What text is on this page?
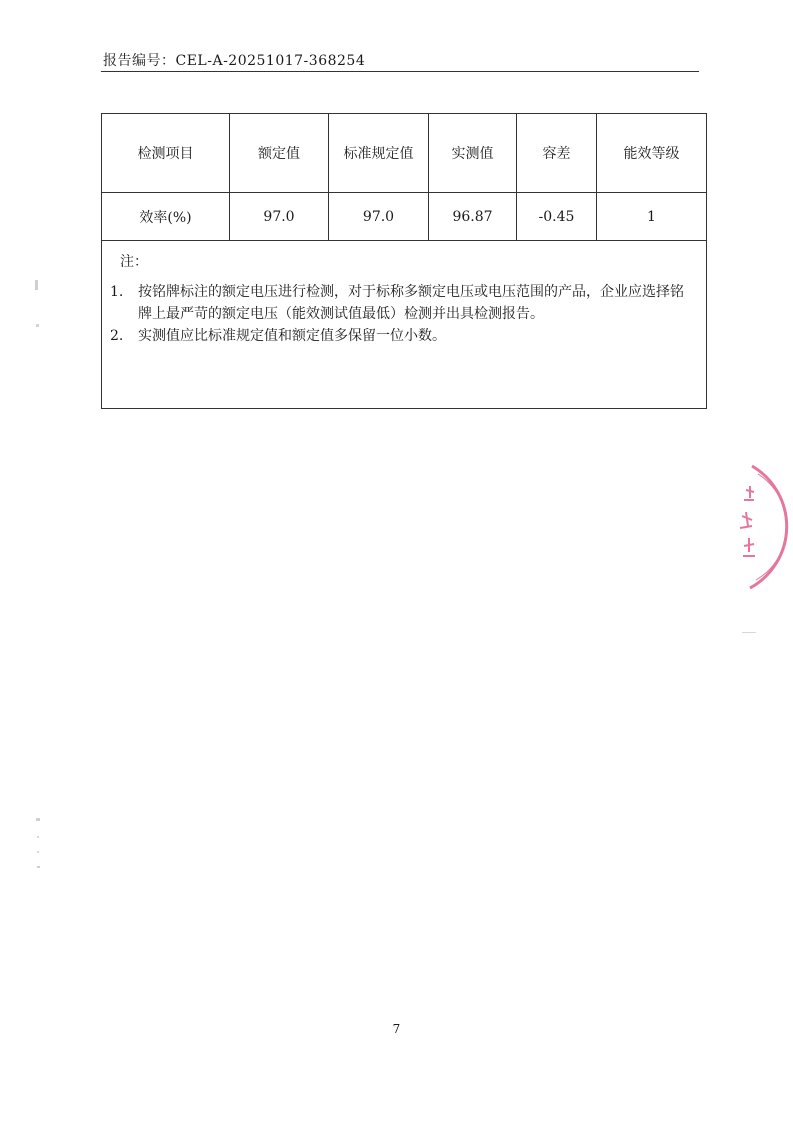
报告编号：CEL-A-20251017-368254
检测项目	额定值	标准规定值	实测值	容差	能效等级
效率(%)	97.0	97.0	96.87	-0.45	1

注：
1. 按铭牌标注的额定电压进行检测，对于标称多额定电压或电压范围的产品，企业应选择铭牌上最严苛的额定电压（能效测试值最低）检测并出具检测报告。
2. 实测值应比标准规定值和额定值多保留一位小数。					
7
